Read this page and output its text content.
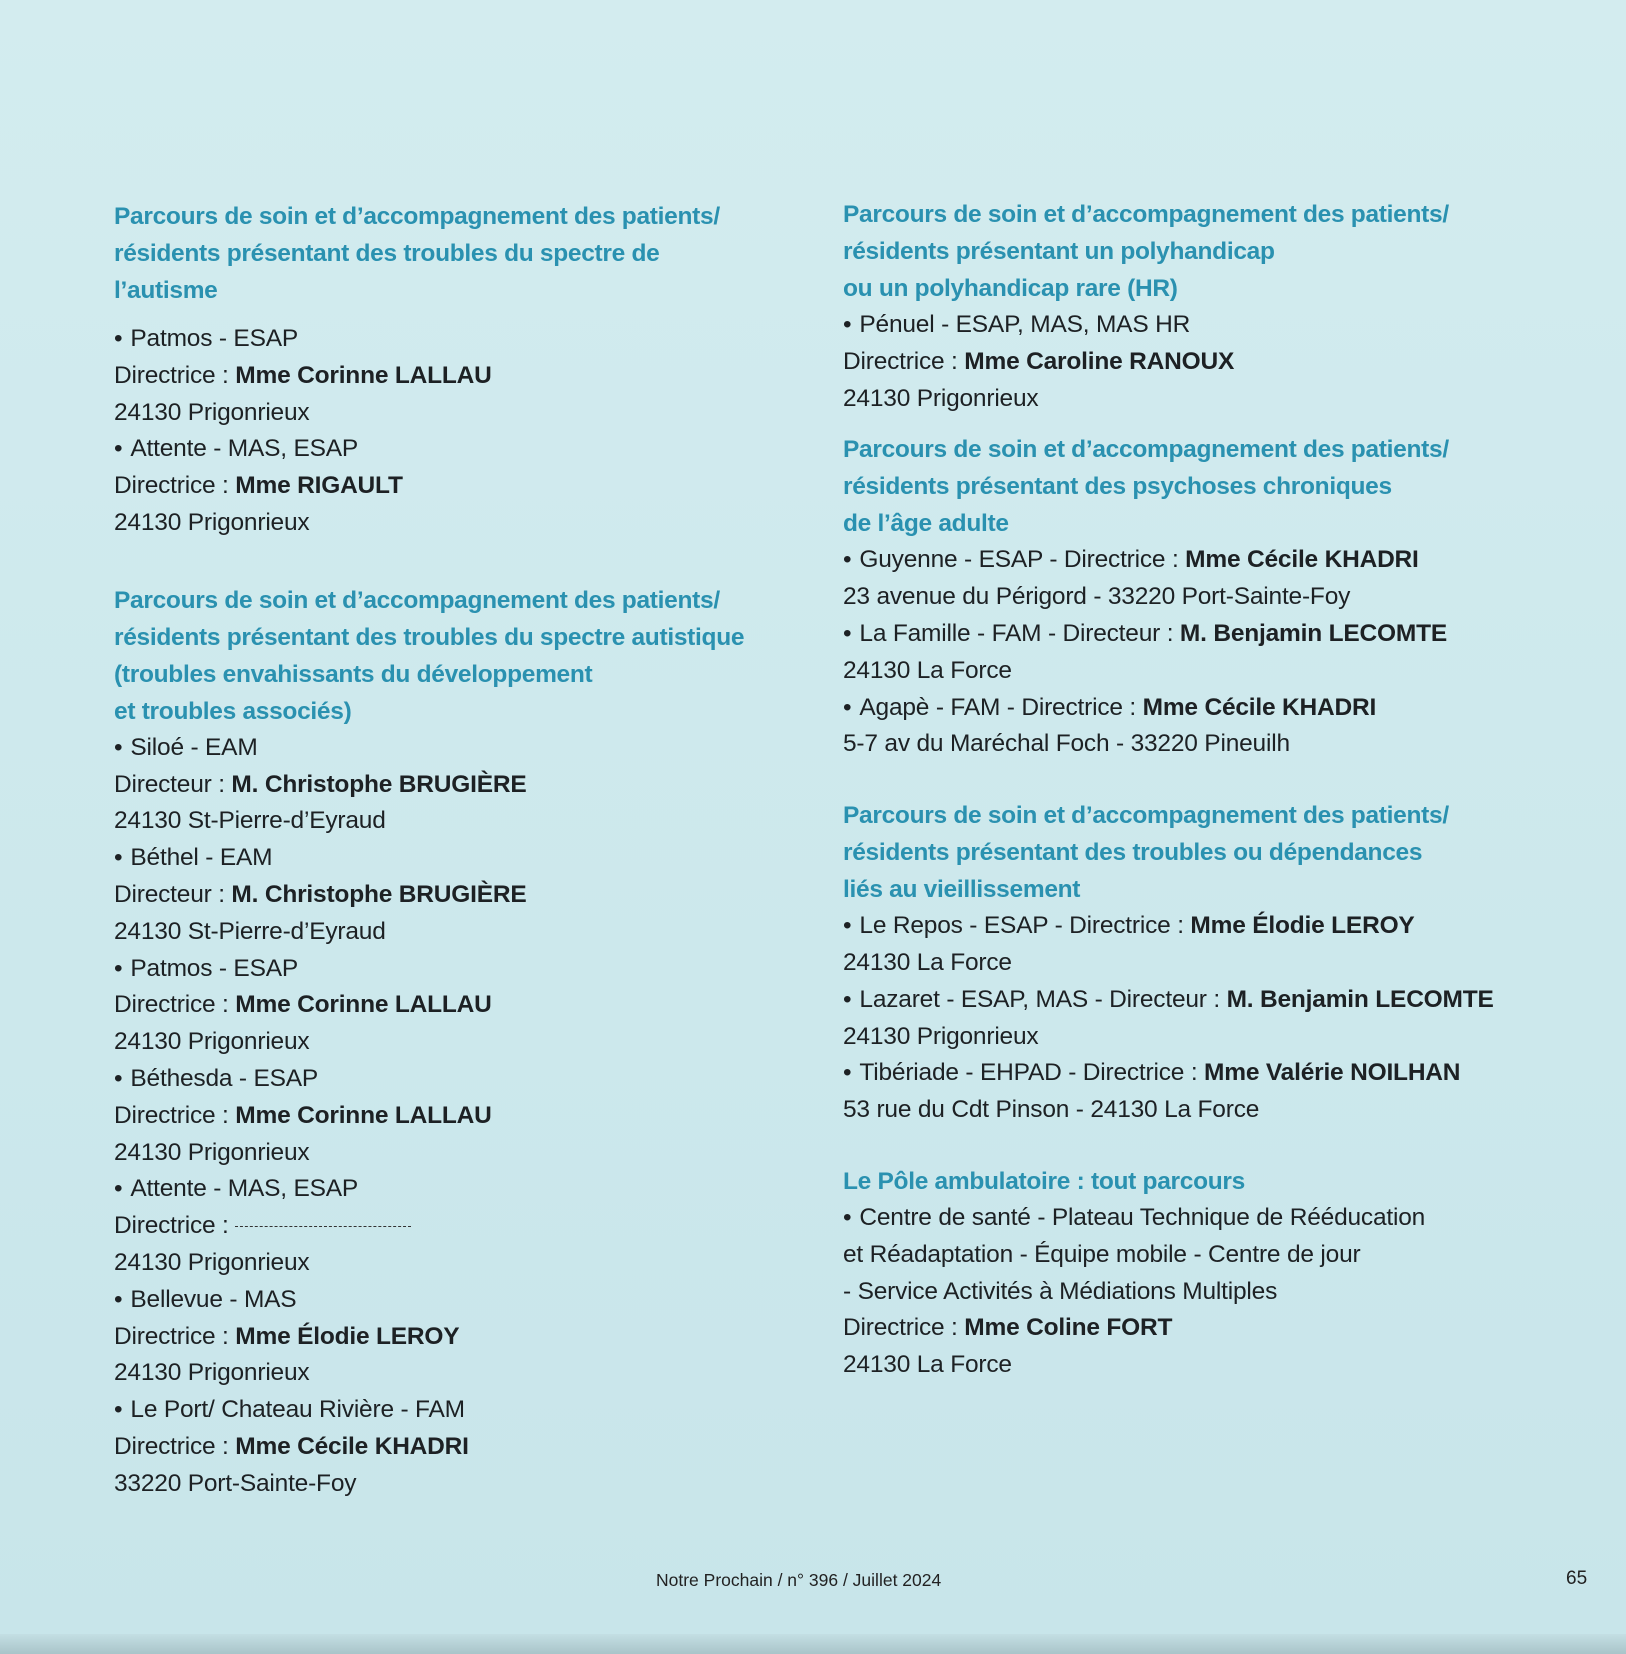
Parcours de soin et d’accompagnement des patients/
résidents présentant des troubles du spectre de
l’autisme
• Patmos - ESAP
Directrice : Mme Corinne LALLAU
24130 Prigonrieux
• Attente - MAS, ESAP
Directrice : Mme RIGAULT
24130 Prigonrieux
Parcours de soin et d’accompagnement des patients/
résidents présentant des troubles du spectre autistique
(troubles envahissants du développement
et troubles associés)
• Siloé - EAM
Directeur : M. Christophe BRUGIÈRE
24130 St-Pierre-d’Eyraud
• Béthel - EAM
Directeur : M. Christophe BRUGIÈRE
24130 St-Pierre-d’Eyraud
• Patmos - ESAP
Directrice : Mme Corinne LALLAU
24130 Prigonrieux
• Béthesda - ESAP
Directrice : Mme Corinne LALLAU
24130 Prigonrieux
• Attente - MAS, ESAP
Directrice :
24130 Prigonrieux
• Bellevue - MAS
Directrice : Mme Élodie LEROY
24130 Prigonrieux
• Le Port/ Chateau Rivière - FAM
Directrice : Mme Cécile KHADRI
33220 Port-Sainte-Foy
Parcours de soin et d’accompagnement des patients/
résidents présentant un polyhandicap
ou un polyhandicap rare (HR)
• Pénuel - ESAP, MAS, MAS HR
Directrice : Mme Caroline RANOUX
24130 Prigonrieux
Parcours de soin et d’accompagnement des patients/
résidents présentant des psychoses chroniques
de l’âge adulte
• Guyenne - ESAP - Directrice : Mme Cécile KHADRI
23 avenue du Périgord - 33220 Port-Sainte-Foy
• La Famille - FAM - Directeur : M. Benjamin LECOMTE
24130 La Force
• Agapè - FAM - Directrice : Mme Cécile KHADRI
5-7 av du Maréchal Foch - 33220 Pineuilh
Parcours de soin et d’accompagnement des patients/
résidents présentant des troubles ou dépendances
liés au vieillissement
• Le Repos - ESAP - Directrice : Mme Élodie LEROY
24130 La Force
• Lazaret - ESAP, MAS - Directeur : M. Benjamin LECOMTE
24130 Prigonrieux
• Tibériade - EHPAD - Directrice : Mme Valérie NOILHAN
53 rue du Cdt Pinson - 24130 La Force
Le Pôle ambulatoire : tout parcours
• Centre de santé - Plateau Technique de Rééducation
et Réadaptation - Équipe mobile - Centre de jour
- Service Activités à Médiations Multiples
Directrice : Mme Coline FORT
24130 La Force
Notre Prochain / n° 396 / Juillet 2024	65
